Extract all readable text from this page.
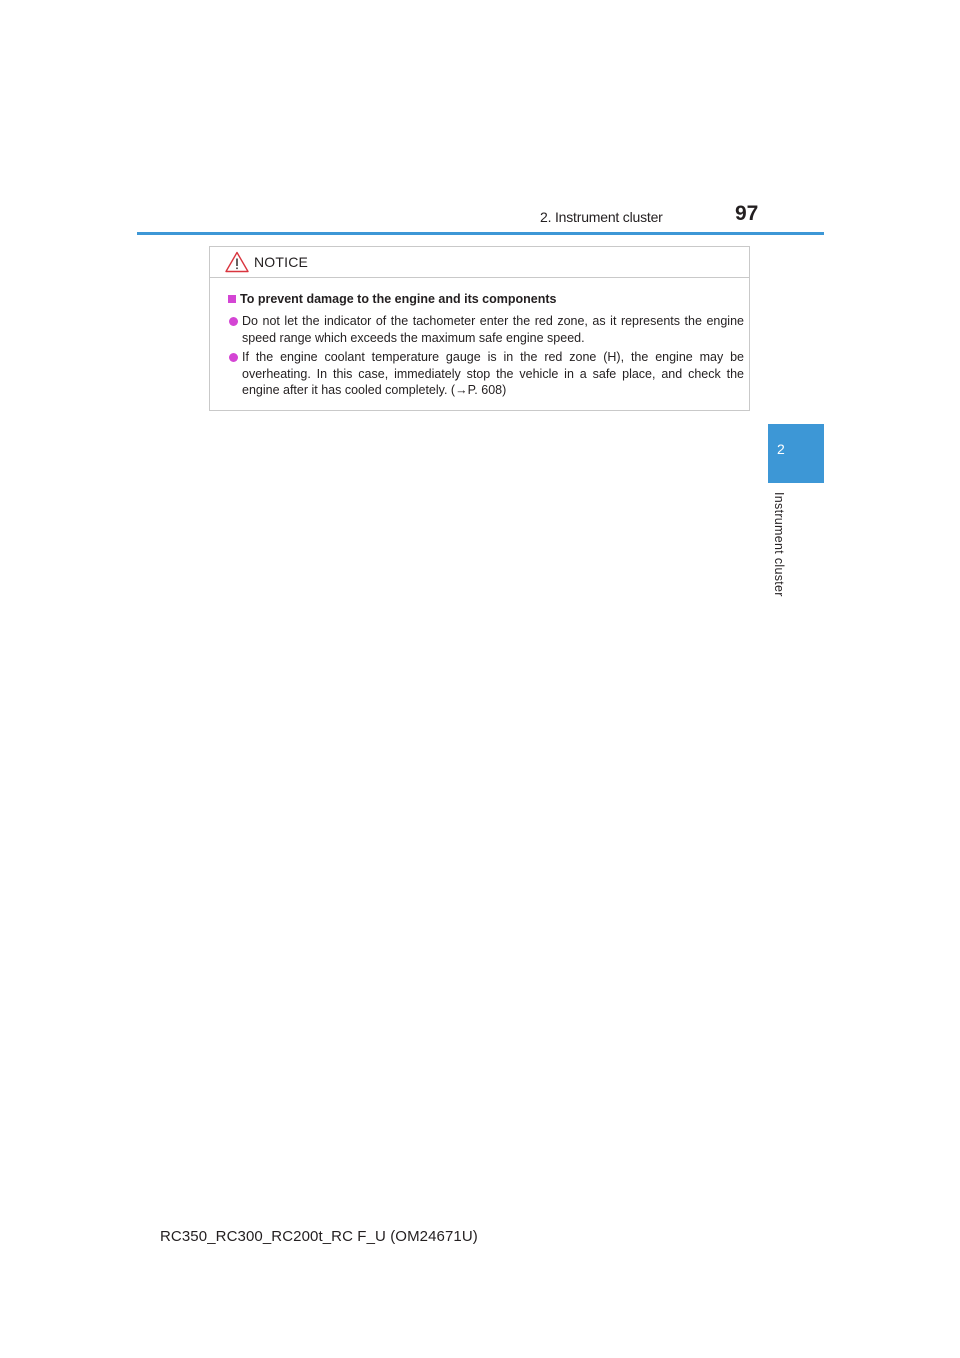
2. Instrument cluster	97
NOTICE
To prevent damage to the engine and its components
Do not let the indicator of the tachometer enter the red zone, as it represents the engine speed range which exceeds the maximum safe engine speed.
If the engine coolant temperature gauge is in the red zone (H), the engine may be overheating. In this case, immediately stop the vehicle in a safe place, and check the engine after it has cooled completely. (→P. 608)
2
Instrument cluster
RC350_RC300_RC200t_RC F_U (OM24671U)
